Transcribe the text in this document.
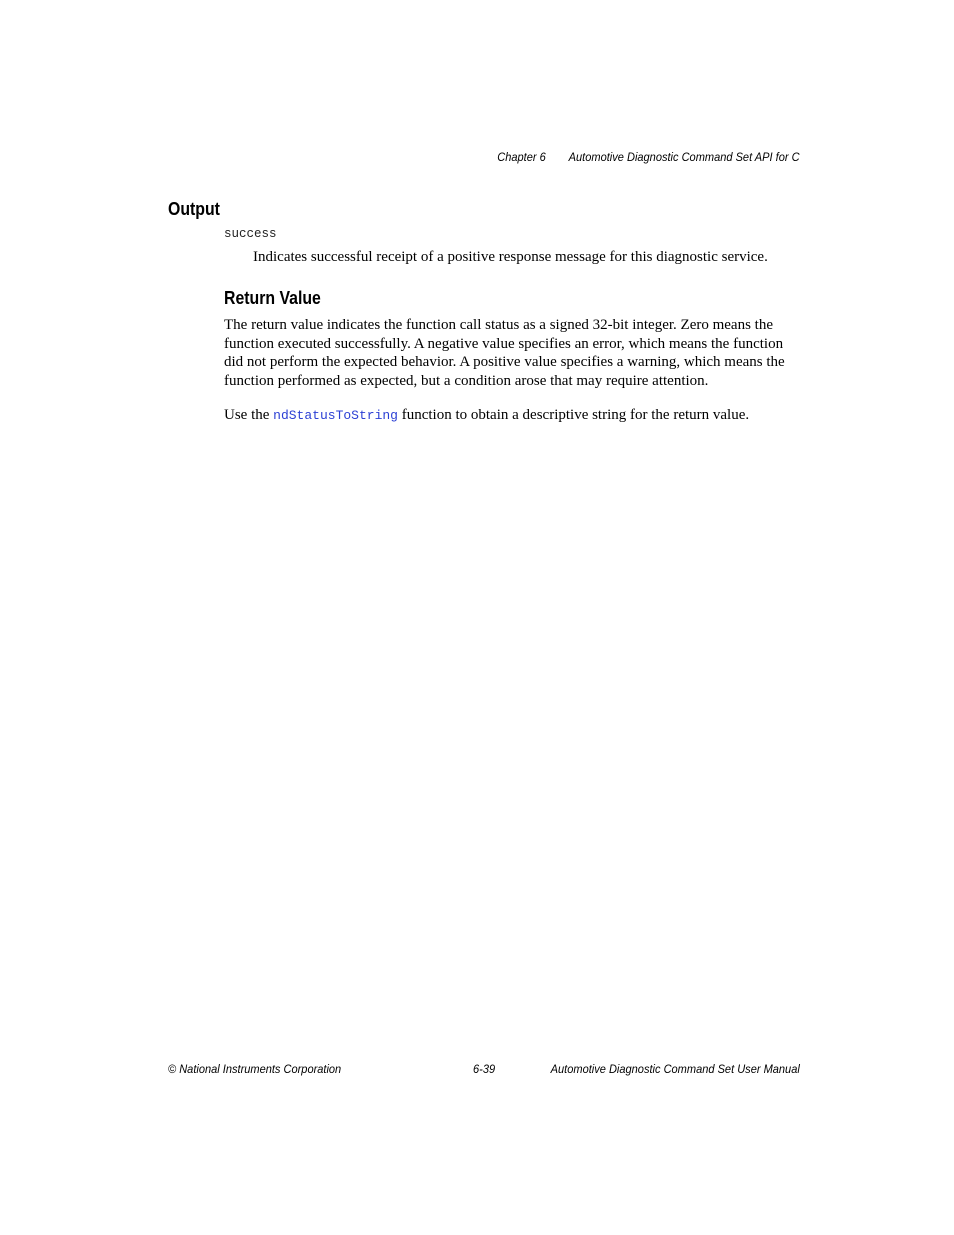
Chapter 6 Automotive Diagnostic Command Set API for C
Output
success

Indicates successful receipt of a positive response message for this diagnostic service.

Return Value

The return value indicates the function call status as a signed 32-bit integer. Zero means the function executed successfully. A negative value specifies an error, which means the function did not perform the expected behavior. A positive value specifies a warning, which means the function performed as expected, but a condition arose that may require attention.

Use the ndStatusToString function to obtain a descriptive string for the return value.

© National Instruments Corporation	6-39	Automotive Diagnostic Command Set User Manual
